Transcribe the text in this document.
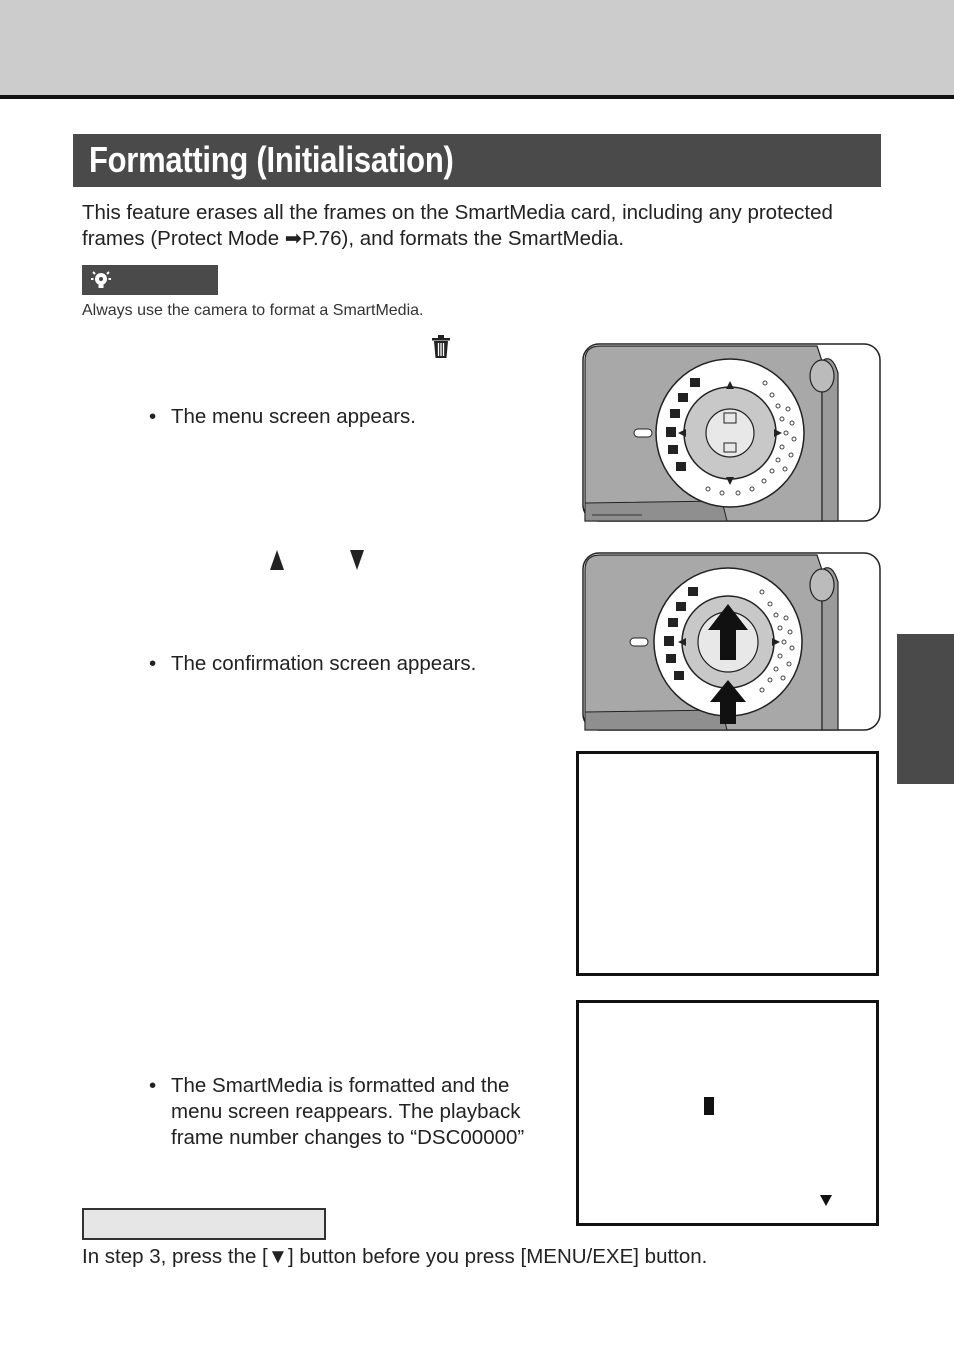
Formatting (Initialisation)
This feature erases all the frames on the SmartMedia card, including any protected frames (Protect Mode ➡P.76), and formats the SmartMedia.
Always use the camera to format a SmartMedia.
• The menu screen appears.
• The confirmation screen appears.
• The SmartMedia is formatted and the menu screen reappears. The playback frame number changes to “DSC00000”
In step 3, press the [▼] button before you press [MENU/EXE] button.
